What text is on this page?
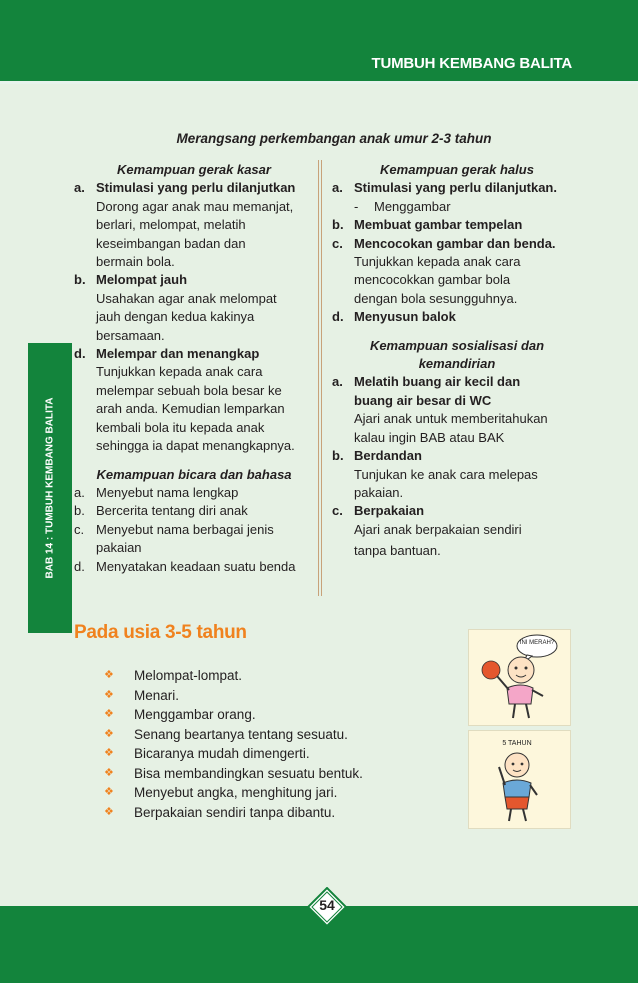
TUMBUH KEMBANG BALITA
BAB 14 : TUMBUH KEMBANG BALITA
Merangsang perkembangan anak umur 2-3 tahun
Kemampuan gerak kasar
a. Stimulasi yang perlu dilanjutkan
Dorong agar anak mau memanjat,
berlari, melompat, melatih
keseimbangan badan dan
bermain bola.
b. Melompat jauh
Usahakan agar anak melompat
jauh dengan kedua kakinya
bersamaan.
d. Melempar dan menangkap
Tunjukkan kepada anak cara
melempar sebuah bola besar ke
arah anda. Kemudian lemparkan
kembali bola itu kepada anak
sehingga ia dapat menangkapnya.
Kemampuan bicara dan bahasa
a. Menyebut nama lengkap
b. Bercerita tentang diri anak
c. Menyebut nama berbagai jenis
pakaian
d. Menyatakan keadaan suatu benda
Kemampuan gerak halus
a. Stimulasi yang perlu dilanjutkan.
-	Menggambar
b. Membuat gambar tempelan
c. Mencocokan gambar dan benda.
Tunjukkan kepada anak cara
mencocokkan gambar bola
dengan bola sesungguhnya.
d. Menyusun balok
Kemampuan sosialisasi dan
kemandirian
a. Melatih buang air kecil dan
buang air besar di WC
Ajari anak untuk memberitahukan
kalau ingin BAB atau BAK
b. Berdandan
Tunjukan ke anak cara melepas
pakaian.
c. Berpakaian
Ajari anak berpakaian sendiri
tanpa bantuan.
Pada usia 3-5 tahun
❖	Melompat-lompat.
❖	Menari.
❖	Menggambar orang.
❖	Senang beartanya tentang sesuatu.
❖	Bicaranya mudah dimengerti.
❖	Bisa membandingkan sesuatu bentuk.
❖	Menyebut angka, menghitung jari.
❖	Berpakaian sendiri tanpa dibantu.
INI MERAH?
5 TAHUN
54
